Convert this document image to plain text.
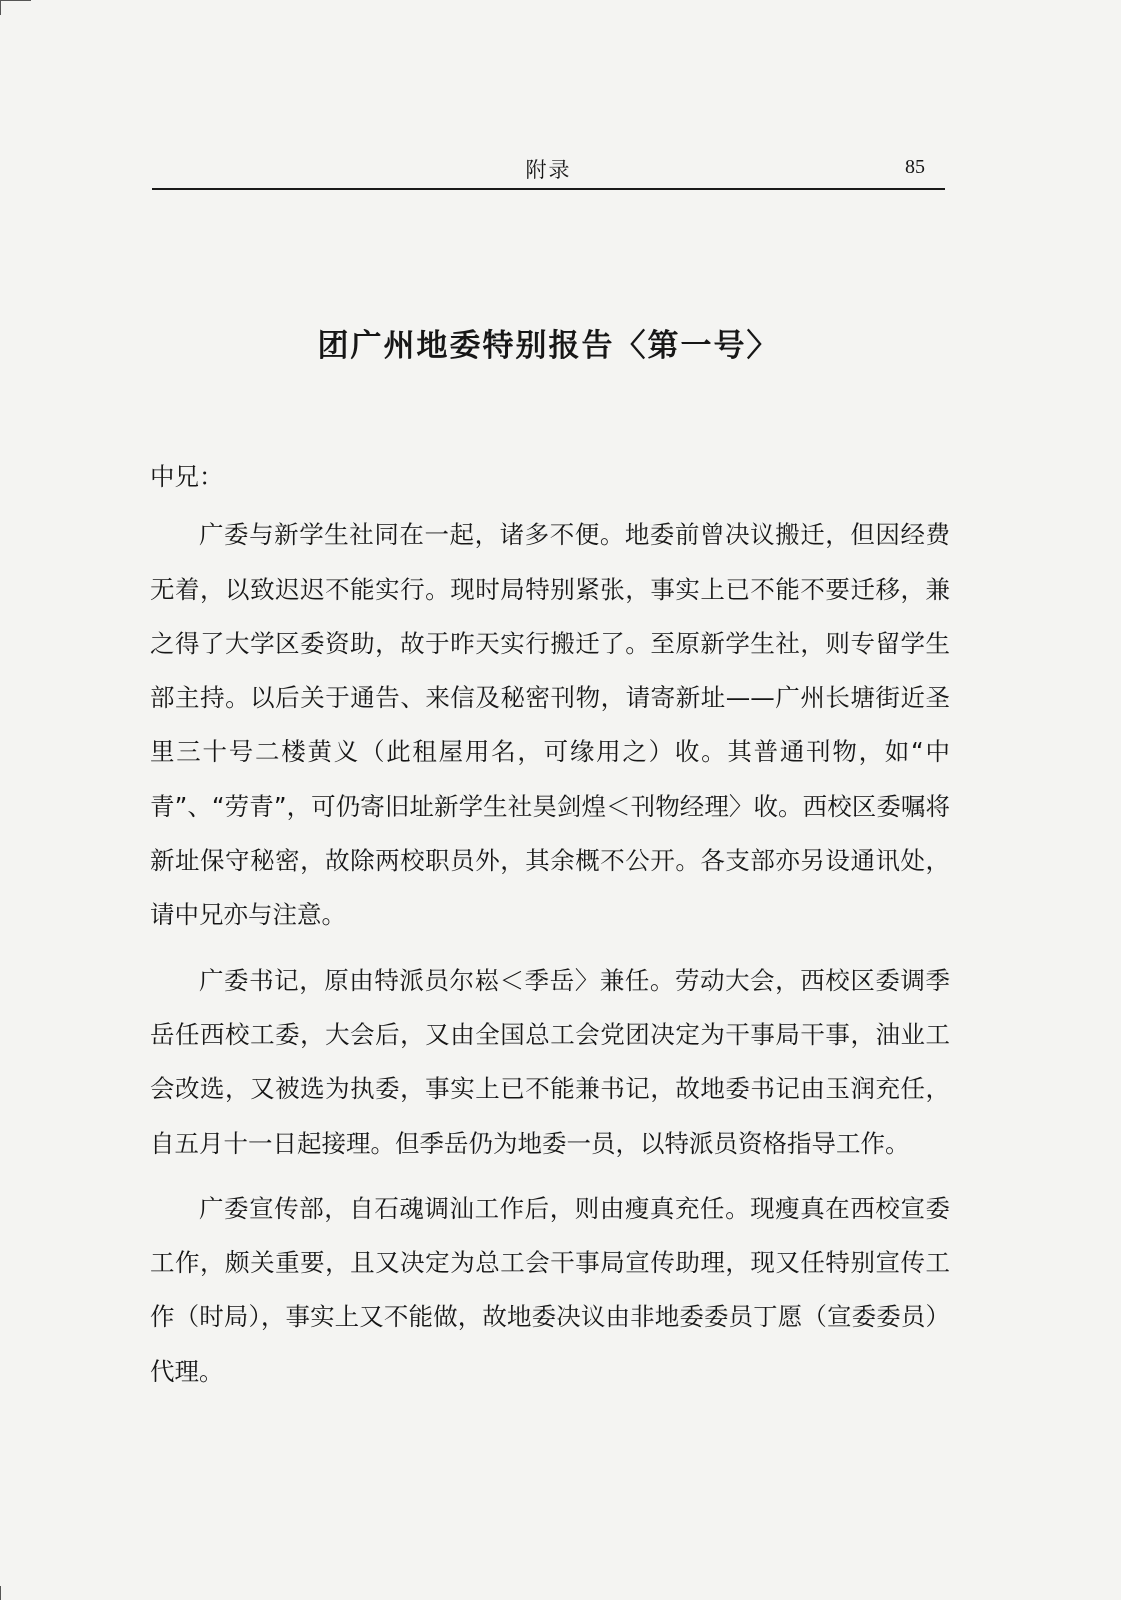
附录	85
团广州地委特别报告〈第一号〉

中兄：

广委与新学生社同在一起，诸多不便。地委前曾决议搬迁，但因经费无着，以致迟迟不能实行。现时局特别紧张，事实上已不能不要迁移，兼之得了大学区委资助，故于昨天实行搬迁了。至原新学生社，则专留学生部主持。以后关于通告、来信及秘密刊物，请寄新址——广州长塘街近圣里三十号二楼黄义（此租屋用名，可缘用之）收。其普通刊物，如“中青”、“劳青”，可仍寄旧址新学生社昊剑煌＜刊物经理〉收。西校区委嘱将新址保守秘密，故除两校职员外，其余概不公开。各支部亦另设通讯处，请中兄亦与注意。

广委书记，原由特派员尔崧＜季岳〉兼任。劳动大会，西校区委调季岳任西校工委，大会后，又由全国总工会党团决定为干事局干事，油业工会改选，又被选为执委，事实上已不能兼书记，故地委书记由玉润充任，自五月十一日起接理。但季岳仍为地委一员，以特派员资格指导工作。

广委宣传部，自石魂调汕工作后，则由瘦真充任。现瘦真在西校宣委工作，颇关重要，且又决定为总工会干事局宣传助理，现又任特别宣传工作（时局），事实上又不能做，故地委决议由非地委委员丁愿（宣委委员）代理。
